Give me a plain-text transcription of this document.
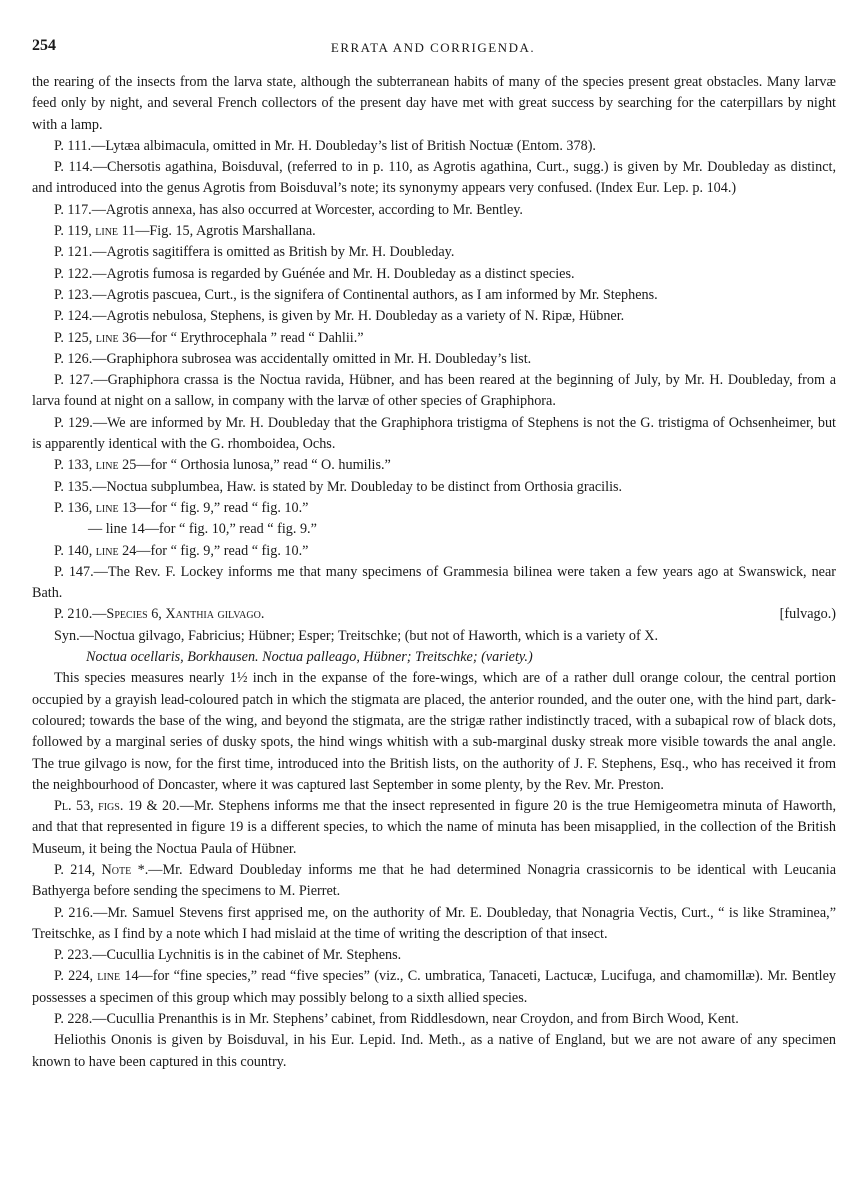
254	ERRATA AND CORRIGENDA.

the rearing of the insects from the larva state, although the subterranean habits of many of the species present great obstacles. Many larvæ feed only by night, and several French collectors of the present day have met with great success by searching for the caterpillars by night with a lamp.

P. 111.—Lytæa albimacula, omitted in Mr. H. Doubleday’s list of British Noctuæ (Entom. 378).

P. 114.—Chersotis agathina, Boisduval, (referred to in p. 110, as Agrotis agathina, Curt., sugg.) is given by Mr. Doubleday as distinct, and introduced into the genus Agrotis from Boisduval’s note; its synonymy appears very confused. (Index Eur. Lep. p. 104.)

P. 117.—Agrotis annexa, has also occurred at Worcester, according to Mr. Bentley.

P. 119, line 11—Fig. 15, Agrotis Marshallana.

P. 121.—Agrotis sagitiffera is omitted as British by Mr. H. Doubleday.

P. 122.—Agrotis fumosa is regarded by Guénée and Mr. H. Doubleday as a distinct species.

P. 123.—Agrotis pascuea, Curt., is the signifera of Continental authors, as I am informed by Mr. Stephens.

P. 124.—Agrotis nebulosa, Stephens, is given by Mr. H. Doubleday as a variety of N. Ripæ, Hübner.

P. 125, line 36—for “ Erythrocephala ” read “ Dahlii.”

P. 126.—Graphiphora subrosea was accidentally omitted in Mr. H. Doubleday’s list.

P. 127.—Graphiphora crassa is the Noctua ravida, Hübner, and has been reared at the beginning of July, by Mr. H. Doubleday, from a larva found at night on a sallow, in company with the larvæ of other species of Graphiphora.

P. 129.—We are informed by Mr. H. Doubleday that the Graphiphora tristigma of Stephens is not the G. tristigma of Ochsenheimer, but is apparently identical with the G. rhomboidea, Ochs.

P. 133, line 25—for “ Orthosia lunosa,” read “ O. humilis.”

P. 135.—Noctua subplumbea, Haw. is stated by Mr. Doubleday to be distinct from Orthosia gracilis.

P. 136, line 13—for “ fig. 9,” read “ fig. 10.”

— line 14—for “ fig. 10,” read “ fig. 9.”

P. 140, line 24—for “ fig. 9,” read “ fig. 10.”

P. 147.—The Rev. F. Lockey informs me that many specimens of Grammesia bilinea were taken a few years ago at Swanswick, near Bath.

P. 210.—Species 6, Xanthia gilvago.	[fulvago.)
Syn.—Noctua gilvago, Fabricius; Hübner; Esper; Treitschke; (but not of Haworth, which is a variety of X.
Noctua ocellaris, Borkhausen. Noctua palleago, Hübner; Treitschke; (variety.)

This species measures nearly 1½ inch in the expanse of the fore-wings, which are of a rather dull orange colour, the central portion occupied by a grayish lead-coloured patch in which the stigmata are placed, the anterior rounded, and the outer one, with the hind part, dark-coloured; towards the base of the wing, and beyond the stigmata, are the strigæ rather indistinctly traced, with a subapical row of black dots, followed by a marginal series of dusky spots, the hind wings whitish with a sub-marginal dusky streak more visible towards the anal angle. The true gilvago is now, for the first time, introduced into the British lists, on the authority of J. F. Stephens, Esq., who has received it from the neighbourhood of Doncaster, where it was captured last September in some plenty, by the Rev. Mr. Preston.

Pl. 53, figs. 19 & 20.—Mr. Stephens informs me that the insect represented in figure 20 is the true Hemigeometra minuta of Haworth, and that that represented in figure 19 is a different species, to which the name of minuta has been misapplied, in the collection of the British Museum, it being the Noctua Paula of Hübner.

P. 214, Note *.—Mr. Edward Doubleday informs me that he had determined Nonagria crassicornis to be identical with Leucania Bathyerga before sending the specimens to M. Pierret.

P. 216.—Mr. Samuel Stevens first apprised me, on the authority of Mr. E. Doubleday, that Nonagria Vectis, Curt., “ is like Straminea,” Treitschke, as I find by a note which I had mislaid at the time of writing the description of that insect.

P. 223.—Cucullia Lychnitis is in the cabinet of Mr. Stephens.

P. 224, line 14—for “fine species,” read “five species” (viz., C. umbratica, Tanaceti, Lactucæ, Lucifuga, and chamomillæ). Mr. Bentley possesses a specimen of this group which may possibly belong to a sixth allied species.

P. 228.—Cucullia Prenanthis is in Mr. Stephens’ cabinet, from Riddlesdown, near Croydon, and from Birch Wood, Kent.

Heliothis Ononis is given by Boisduval, in his Eur. Lepid. Ind. Meth., as a native of England, but we are not aware of any specimen known to have been captured in this country.
